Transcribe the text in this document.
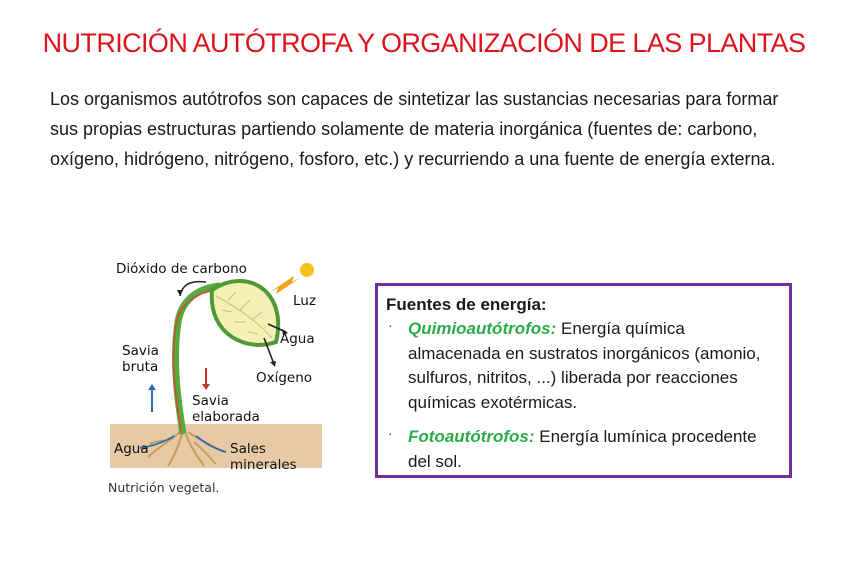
NUTRICIÓN AUTÓTROFA Y ORGANIZACIÓN DE LAS PLANTAS

Los organismos autótrofos son capaces de sintetizar las sustancias necesarias para formar sus propias estructuras partiendo solamente de materia inorgánica (fuentes de: carbono, oxígeno, hidrógeno, nitrógeno, fosforo, etc.) y recurriendo a una fuente de energía externa.

Dióxido de carbono
Luz
Agua
Savia
bruta
Oxígeno
Savia
elaborada
Agua	Sales
minerales
Nutrición vegetal.
Fuentes de energía:
· Quimioautótrofos: Energía química almacenada en sustratos inorgánicos (amonio, sulfuros, nitritos, ...) liberada por reacciones químicas exotérmicas.
· Fotoautótrofos: Energía lumínica procedente del sol.
